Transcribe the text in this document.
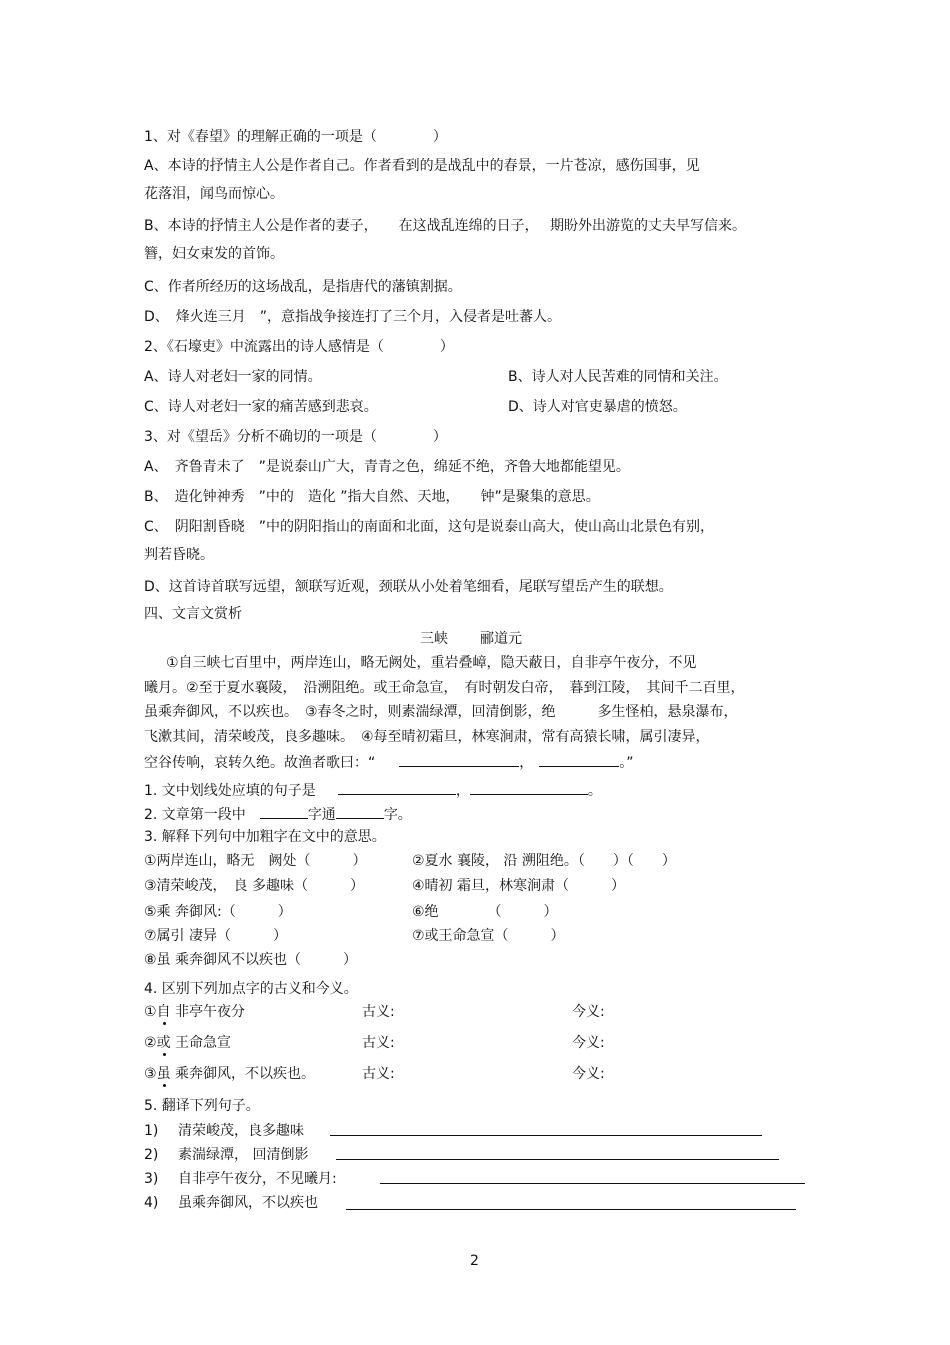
1、对《春望》的理解正确的一项是（　　　　）
A、本诗的抒情主人公是作者自己。作者看到的是战乱中的春景，一片苍凉，感伤国事，见
花落泪，闻鸟而惊心。
B、本诗的抒情主人公是作者的妻子，　　在这战乱连绵的日子，　 期盼外出游览的丈夫早写信来。
簪，妇女束发的首饰。
C、作者所经历的这场战乱，是指唐代的藩镇割据。
D、　烽火连三月　”，意指战争接连打了三个月，入侵者是吐蕃人。
2、《石壕吏》中流露出的诗人感情是（　　　　）
A、诗人对老妇一家的同情。	B、诗人对人民苦难的同情和关注。
C、诗人对老妇一家的痛苦感到悲哀。	D、诗人对官吏暴虐的愤怒。
3、对《望岳》分析不确切的一项是（　　　　）
A、　齐鲁青未了　”是说泰山广大，青青之色，绵延不绝，齐鲁大地都能望见。
B、　造化钟神秀　”中的　造化 ”指大自然、天地，　　钟”是聚集的意思。
C、　阴阳割昏晓　”中的阴阳指山的南面和北面，这句是说泰山高大，使山高山北景色有别，
判若昏晓。
D、这首诗首联写远望，颔联写近观，颈联从小处着笔细看，尾联写望岳产生的联想。
四、文言文赏析
三峡 郦道元
①自三峡七百里中，两岸连山，略无阙处，重岩叠嶂，隐天蔽日，自非亭午夜分，不见
曦月。②至于夏水襄陵，　沿溯阻绝。或王命急宣，　有时朝发白帝，　暮到江陵，　其间千二百里，
虽乘奔御风，不以疾也。　③春冬之时，则素湍绿潭，回清倒影，绝　　　多生怪柏，悬泉瀑布，
飞漱其间，清荣峻茂，良多趣味。　④每至晴初霜旦，林寒涧肃，常有高猿长啸，属引凄异，
空谷传响，哀转久绝。故渔者歌曰：“	，	。”
1. 文中划线处应填的句子是	，	。
2. 文章第一段中	字通	字。
3. 解释下列句中加粗字在文中的意思。
①两岸连山，略无　阙处（　　　）	②夏水 襄陵， 沿 溯阻绝。（　　）（　　）
③清荣峻茂，　良 多趣味（　　　）	④晴初 霜旦，林寒涧肃（　　　）
⑤乘 奔御风:（　　　）	⑥绝　　　　（　　　）
⑦属引 凄异（　　　）	⑦或王命急宣（　　　）
⑧虽 乘奔御风不以疾也（　　　）
4. 区别下列加点字的古义和今义。
①自 非亭午夜分	古义:	今义:
②或 王命急宣	古义:	今义:
③虽 乘奔御风，不以疾也。	古义:	今义:
5. 翻译下列句子。
1) 清荣峻茂，良多趣味
2) 素湍绿潭， 回清倒影
3) 自非亭午夜分，不见曦月:
4) 虽乘奔御风，不以疾也
2
